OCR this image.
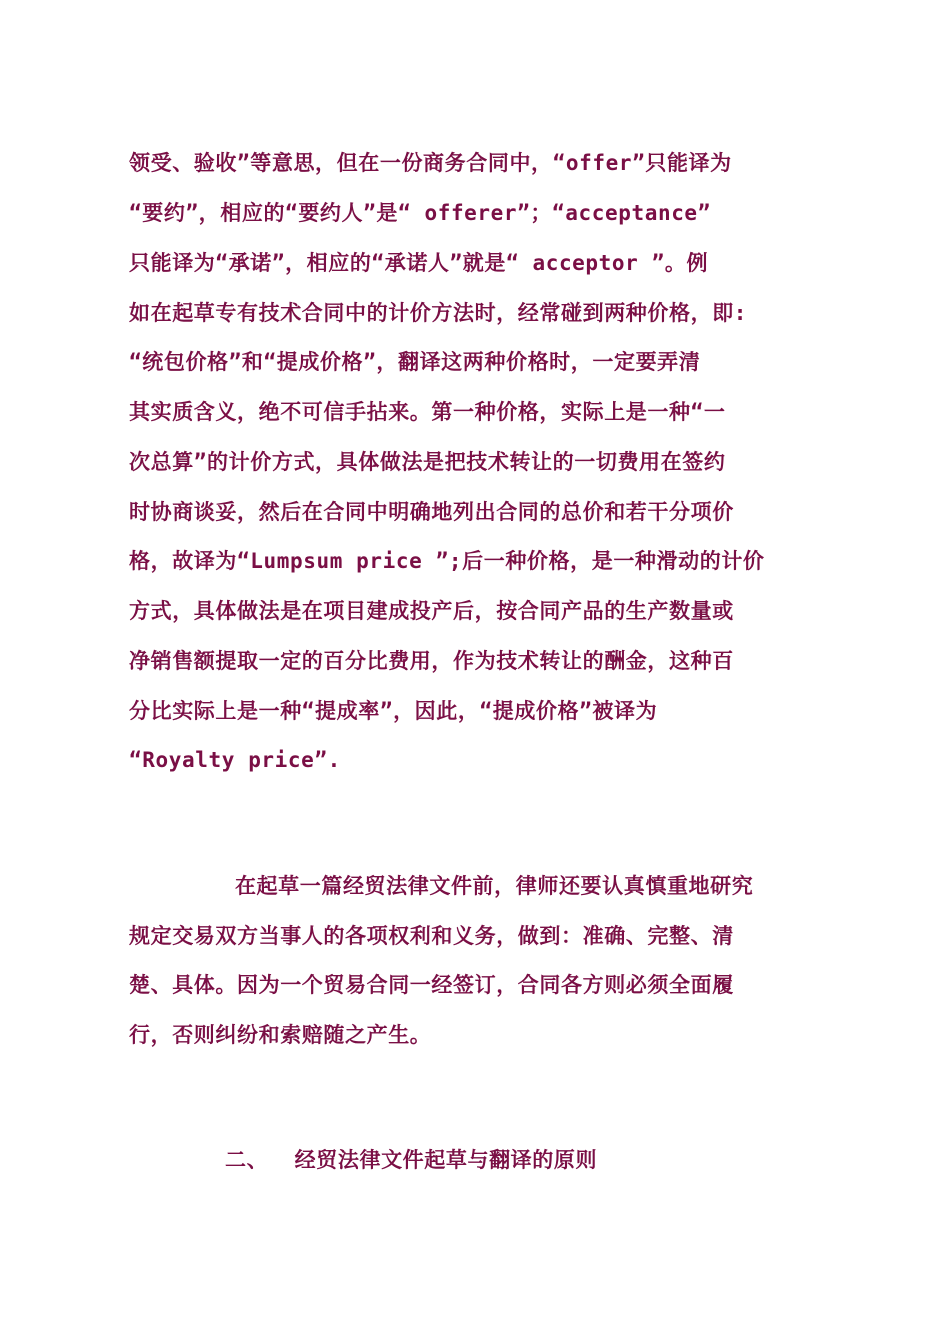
领受、验收”等意思，但在一份商务合同中，“offer”只能译为
“要约”，相应的“要约人”是“ offerer”；“acceptance”
只能译为“承诺”，相应的“承诺人”就是“ acceptor ”。例
如在起草专有技术合同中的计价方法时，经常碰到两种价格，即:
“统包价格”和“提成价格”，翻译这两种价格时，一定要弄清
其实质含义，绝不可信手拈来。第一种价格，实际上是一种“一
次总算”的计价方式，具体做法是把技术转让的一切费用在签约
时协商谈妥，然后在合同中明确地列出合同的总价和若干分项价
格，故译为“Lumpsum price ”;后一种价格，是一种滑动的计价
方式，具体做法是在项目建成投产后，按合同产品的生产数量或
净销售额提取一定的百分比费用，作为技术转让的酬金，这种百
分比实际上是一种“提成率”，因此，“提成价格”被译为
“Royalty price”.
在起草一篇经贸法律文件前，律师还要认真慎重地研究
规定交易双方当事人的各项权利和义务，做到：准确、完整、清
楚、具体。因为一个贸易合同一经签订，合同各方则必须全面履
行，否则纠纷和索赔随之产生。
二、  经贸法律文件起草与翻译的原则
